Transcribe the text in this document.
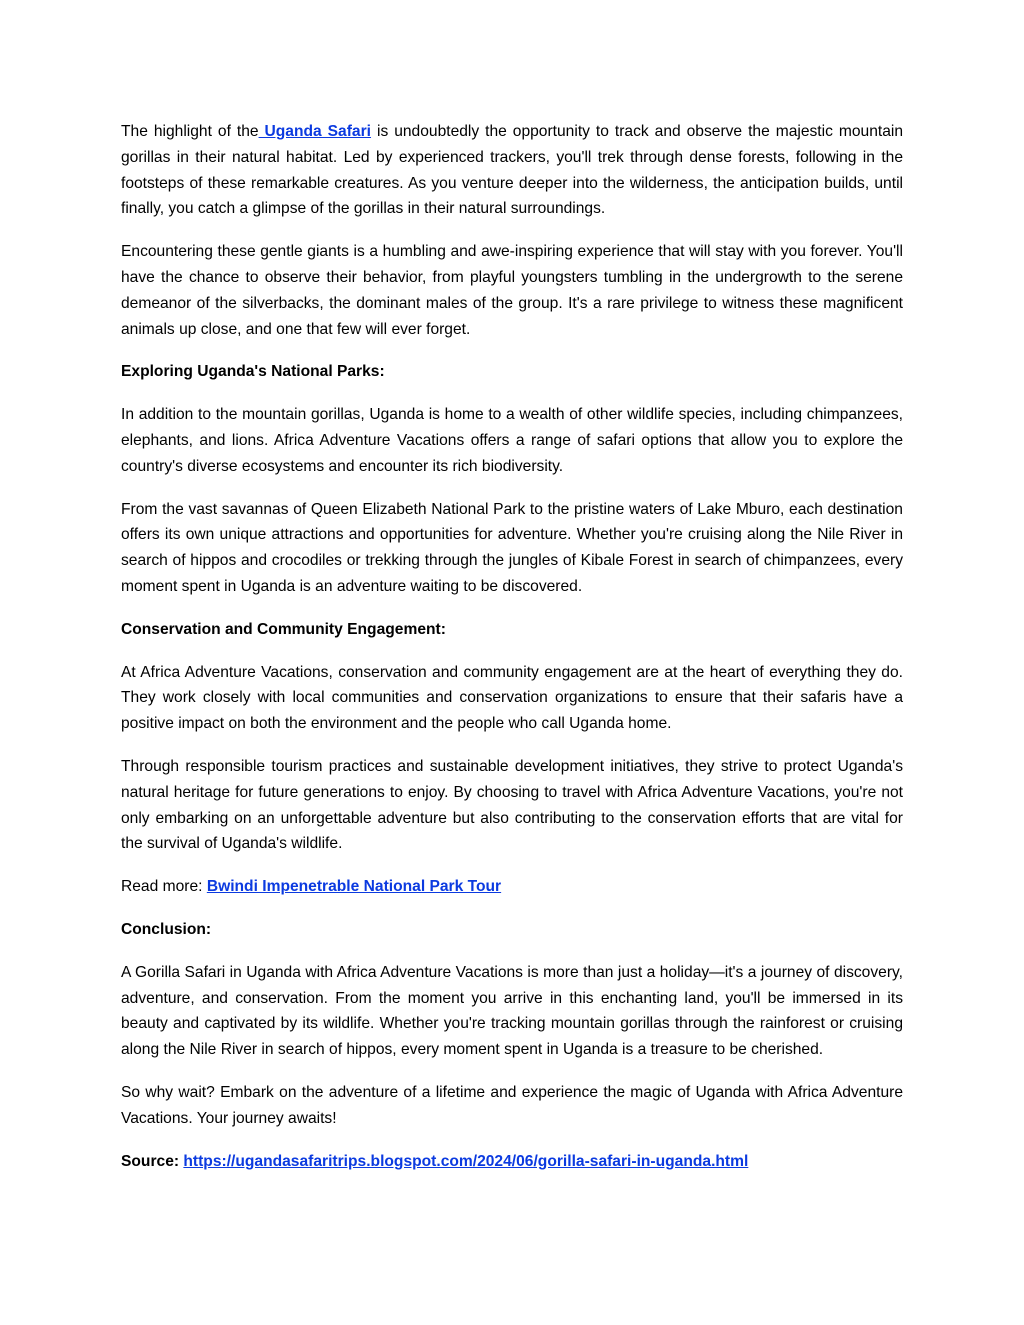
The highlight of the Uganda Safari is undoubtedly the opportunity to track and observe the majestic mountain gorillas in their natural habitat. Led by experienced trackers, you'll trek through dense forests, following in the footsteps of these remarkable creatures. As you venture deeper into the wilderness, the anticipation builds, until finally, you catch a glimpse of the gorillas in their natural surroundings.

Encountering these gentle giants is a humbling and awe-inspiring experience that will stay with you forever. You'll have the chance to observe their behavior, from playful youngsters tumbling in the undergrowth to the serene demeanor of the silverbacks, the dominant males of the group. It's a rare privilege to witness these magnificent animals up close, and one that few will ever forget.

Exploring Uganda's National Parks:

In addition to the mountain gorillas, Uganda is home to a wealth of other wildlife species, including chimpanzees, elephants, and lions. Africa Adventure Vacations offers a range of safari options that allow you to explore the country's diverse ecosystems and encounter its rich biodiversity.

From the vast savannas of Queen Elizabeth National Park to the pristine waters of Lake Mburo, each destination offers its own unique attractions and opportunities for adventure. Whether you're cruising along the Nile River in search of hippos and crocodiles or trekking through the jungles of Kibale Forest in search of chimpanzees, every moment spent in Uganda is an adventure waiting to be discovered.

Conservation and Community Engagement:

At Africa Adventure Vacations, conservation and community engagement are at the heart of everything they do. They work closely with local communities and conservation organizations to ensure that their safaris have a positive impact on both the environment and the people who call Uganda home.

Through responsible tourism practices and sustainable development initiatives, they strive to protect Uganda's natural heritage for future generations to enjoy. By choosing to travel with Africa Adventure Vacations, you're not only embarking on an unforgettable adventure but also contributing to the conservation efforts that are vital for the survival of Uganda's wildlife.

Read more: Bwindi Impenetrable National Park Tour

Conclusion:

A Gorilla Safari in Uganda with Africa Adventure Vacations is more than just a holiday—it's a journey of discovery, adventure, and conservation. From the moment you arrive in this enchanting land, you'll be immersed in its beauty and captivated by its wildlife. Whether you're tracking mountain gorillas through the rainforest or cruising along the Nile River in search of hippos, every moment spent in Uganda is a treasure to be cherished.

So why wait? Embark on the adventure of a lifetime and experience the magic of Uganda with Africa Adventure Vacations. Your journey awaits!

Source: https://ugandasafaritrips.blogspot.com/2024/06/gorilla-safari-in-uganda.html
